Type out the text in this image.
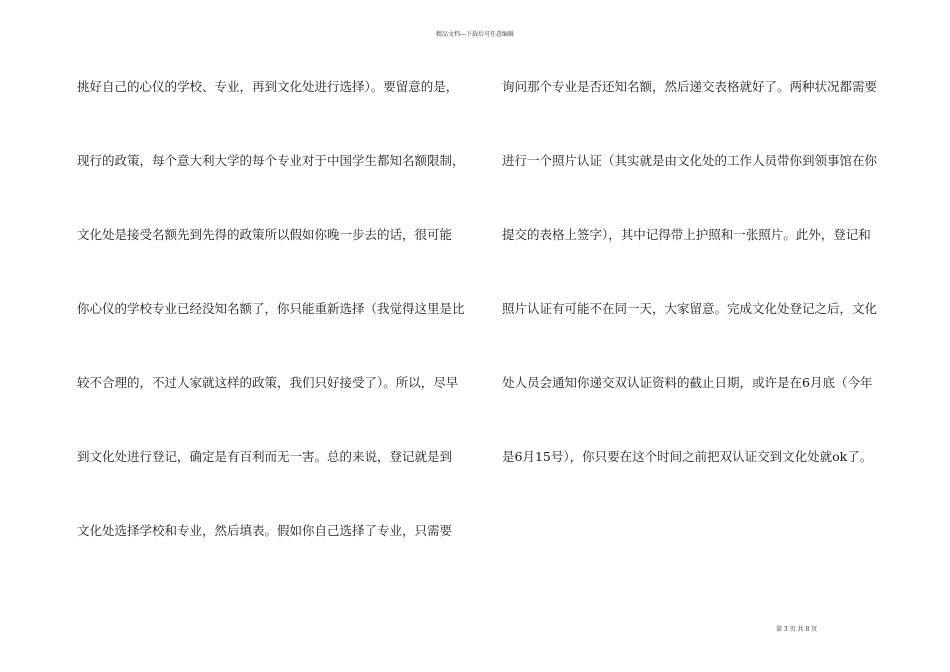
精品文档---下载后可任意编辑
挑好自己的心仪的学校、专业，再到文化处进行选择）。要留意的是，
现行的政策，每个意大利大学的每个专业对于中国学生都知名额限制，
文化处是接受名额先到先得的政策所以假如你晚一步去的话，很可能
你心仪的学校专业已经没知名额了，你只能重新选择（我觉得这里是比
较不合理的，不过人家就这样的政策，我们只好接受了）。所以，尽早
到文化处进行登记，确定是有百利而无一害。总的来说，登记就是到
文化处选择学校和专业，然后填表。假如你自己选择了专业，只需要
询问那个专业是否还知名额，然后递交表格就好了。两种状况都需要
进行一个照片认证（其实就是由文化处的工作人员带你到领事馆在你
提交的表格上签字），其中记得带上护照和一张照片。此外，登记和
照片认证有可能不在同一天，大家留意。完成文化处登记之后，文化
处人员会通知你递交双认证资料的截止日期，或许是在6月底（今年
是6月15号），你只要在这个时间之前把双认证交到文化处就ok了。
第 3 页 共 8 页
